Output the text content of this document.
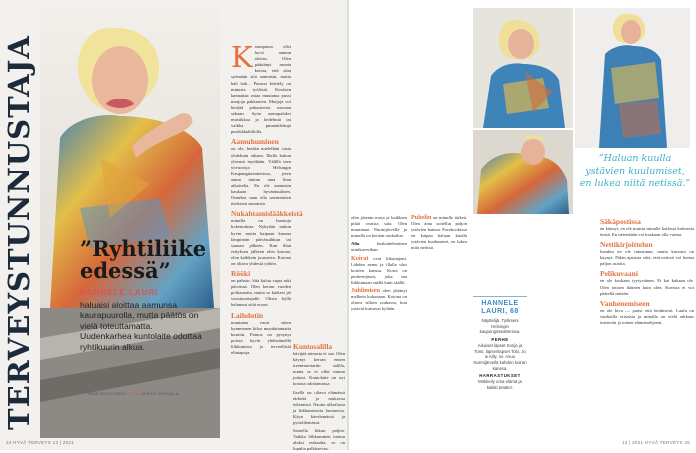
TERVEYSTUNNUSTAJA	Kaurapuuro olisi hyvä aamun aloitus. Olen päättänyt monta kertaa, että alan syömään sitä aamuisin, mutta hah hah... Puuron keittely on minusta työlästä. Kesäisin kannattaa ostaa muutama pussi marjoja pakkaseen. Marjoja voi heittää pakasteesta suoraan sekaan. Syön aamupalaksi mustikkaa ja hedelmiä tai vaikka pinaattilettuja puolukkahillolla.

Aamuhuminen

on ole, herään mielelläni vasta yhdeksän aikaan. Illalla kukun yleensä myöhään. Välillä teen yövuoroja Helsingin Kaupunginteatterissa, joten aamu tuntuu aina liian aikaiselta. En ole aamuisin kaukaan hyväntuulinen. Onneksi saan olla useimmiten itsekseni aamuisin.

Nukahtamislääkkeistä

minulla on huonoja kokemuksia. Nykyään nukun hyvin mutta kaipaan kuuma lämpimän päiväsuihkun tai saunan jälkeen. Kun illan esityksen jälkeen olen kotona, olen kaikkein joustavin. Kotona on oltava yhdestä yöhön.

Rööki

on pahoin. Sitä kuluu vajaa aski päivässä. Olen kerran vuoden polttamatta, mutta se kaikesi jäi vuosituottajalle. Olisin kyllä halunnut siitä eroon.

Laihdutin

muutama vuosi sitten kymmenen kiloa muodattamatta kuuriin. Painoa on pysynyt poissa hyvin yhdistämällä liikkumista ja terveellisiä elintapoja.

Kuntosalilla

kävijää minusta ei saa. Olen käynyt kerran ennen treenimestariin salilla, mutta se ei ollut minun juttuni. Kuntolaite on nyt kotona odottamassa.

Itsellä on oltava elämässä tärkeää ja mukavaa tekemistä. Nautin ulkoilusta ja liikkumisesta luonnossa. Käyn kävelemässä ja pyöräilemässä.

Saarella liikun paljon. Vaikka liikkuminen tuntuu aluksi raskaalta, se on lopulta palkitsevaa.

”Ryhtiliike edessä”
HANNELE LAURI
haluaisi aloittaa aamunsa kaurapuurolla, mutta päätös on vielä toteuttamatta. Uudenkarhea kuntolaite odottaa ryhtikuurin alkua.
NINA RUOKONEN KUVAT MIKKO HANNULA
34 HYVÄ TERVEYS 13 | 2021
”Haluan kuulla ystävien kuulumiset, en lukea niitä netissä.”

olen jäsenin masa ja kaikkien pitää ovaista sala. Olen muutamat Nurmijärvellä ja minulla on kerään ruokailua.

Alin	hoakatteleminen uimikaverikan.

Koirat ovat liikuttajani. Lähden aamu ja illalla ulos koirien kanssa. Koira on perheenjäsen, joka saa liikkumaan säällä kuin säällä.

Juhlimisen olen jättänyt melkein kokonaan. Kotona on oltava silloin rauhassa, kun ystävät kutsuvat kylään.

Puhelin on minulle tärkeä. Olen aina soitellut paljon ystävien kanssa. Facebookissa en kaipaa haluan kuulla ystävien kuulumiset, en lukea niitä netissä.

HANNELE LAURI, 68
Näyttelijä. Työkseni Helsingin kaupunginteatterissa.
PERHE
Aikuiset lapset Sonja ja Tomi, lapsenlapset Tobi, Jo & Ailly, sir. Asuu Nurmijärvellä kahden koiran kanssa.
HARRASTUKSET
Mökkeily oma elämä ja kaikki teatteri.
Säkäpostissa

en käynyt, en ole muista minulle kaikista kolmesta tiestä. En tietenkään voi koskaan olla varma.

Nettikirjoittelun

luenkin en ole tutustunut, mutta kurssini on käynyt. Pidän ajatusta siitä, että netissä voi hoitaa paljon asioita.

Pelikuvaani

en ole koskaan tyytyväinen. Ei kai kukaan ole. Olen totisen ikäinen kuin olen. Kuvista ei voi päätellä mitään.

Vanhenemiseen

en ole kiva — paitsi että henkisesti. Laulu on vanhoilla viisaista ja minulla on vielä rakkaus teatteriin ja toinen elämänohjeeni.

13 | 2021 HYVÄ TERVEYS 35
